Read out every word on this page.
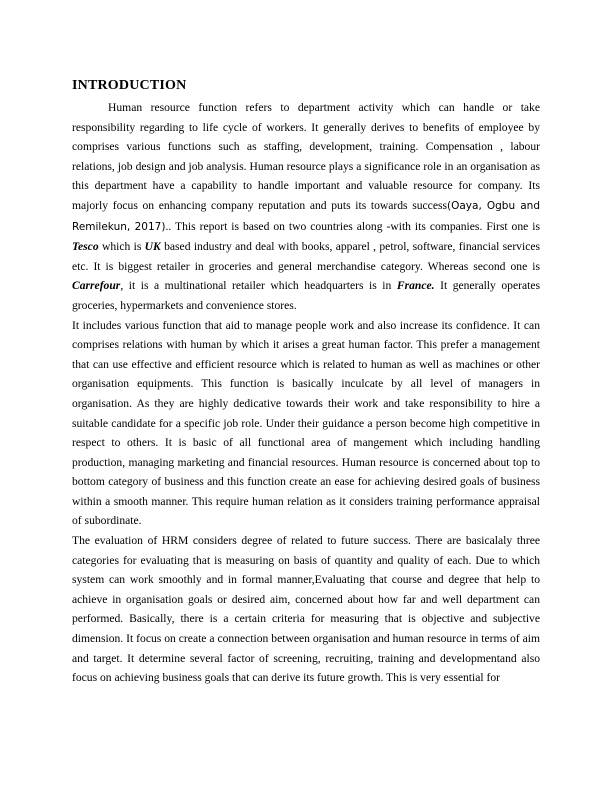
INTRODUCTION

Human resource function refers to department activity which can handle or take responsibility regarding to life cycle of workers. It generally derives to benefits of employee by comprises various functions such as staffing, development, training. Compensation , labour relations, job design and job analysis. Human resource plays a significance role in an organisation as this department have a capability to handle important and valuable resource for company. Its majorly focus on enhancing company reputation and puts its towards success(Oaya, Ogbu and Remilekun, 2017).. This report is based on two countries along -with its companies. First one is Tesco which is UK based industry and deal with books, apparel , petrol, software, financial services etc. It is biggest retailer in groceries and general merchandise category. Whereas second one is Carrefour, it is a multinational retailer which headquarters is in France. It generally operates groceries, hypermarkets and convenience stores.

It includes various function that aid to manage people work and also increase its confidence. It can comprises relations with human by which it arises a great human factor. This prefer a management that can use effective and efficient resource which is related to human as well as machines or other organisation equipments. This function is basically inculcate by all level of managers in organisation. As they are highly dedicative towards their work and take responsibility to hire a suitable candidate for a specific job role. Under their guidance a person become high competitive in respect to others. It is basic of all functional area of mangement which including handling production, managing marketing and financial resources. Human resource is concerned about top to bottom category of business and this function create an ease for achieving desired goals of business within a smooth manner. This require human relation as it considers training performance appraisal of subordinate.

The evaluation of HRM considers degree of related to future success. There are basicalaly three categories for evaluating that is measuring on basis of quantity and quality of each. Due to which system can work smoothly and in formal manner,Evaluating that course and degree that help to achieve in organisation goals or desired aim, concerned about how far and well department can performed. Basically, there is a certain criteria for measuring that is objective and subjective dimension. It focus on create a connection between organisation and human resource in terms of aim and target. It determine several factor of screening, recruiting, training and developmentand also focus on achieving business goals that can derive its future growth. This is very essential for
